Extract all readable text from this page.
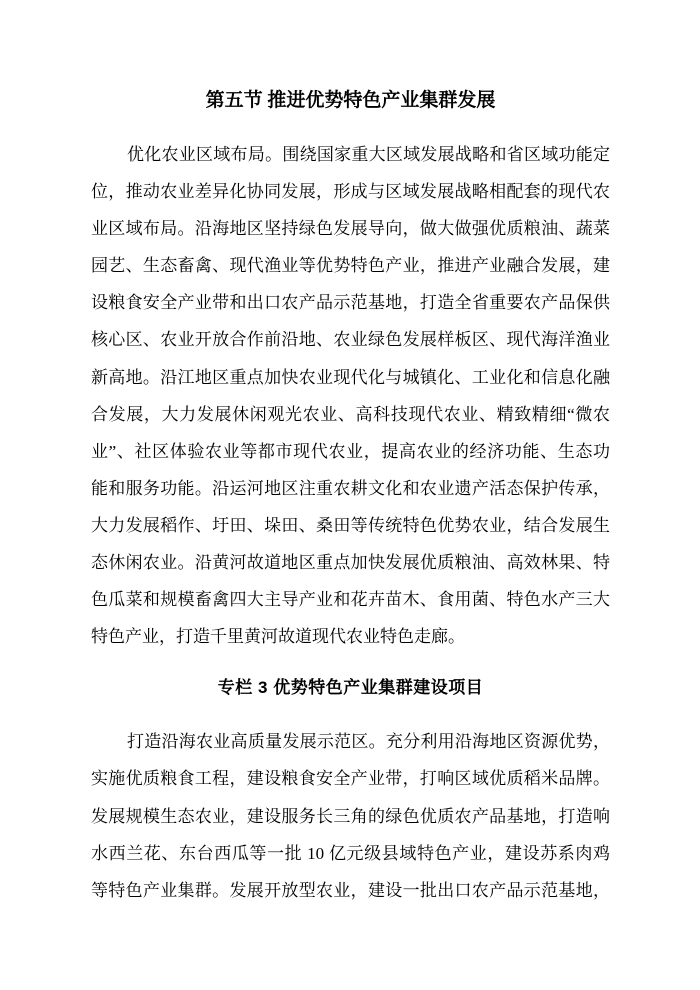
第五节 推进优势特色产业集群发展
优化农业区域布局。围绕国家重大区域发展战略和省区域功能定
位，推动农业差异化协同发展，形成与区域发展战略相配套的现代农
业区域布局。沿海地区坚持绿色发展导向，做大做强优质粮油、蔬菜
园艺、生态畜禽、现代渔业等优势特色产业，推进产业融合发展，建
设粮食安全产业带和出口农产品示范基地，打造全省重要农产品保供
核心区、农业开放合作前沿地、农业绿色发展样板区、现代海洋渔业
新高地。沿江地区重点加快农业现代化与城镇化、工业化和信息化融
合发展，大力发展休闲观光农业、高科技现代农业、精致精细“微农
业”、社区体验农业等都市现代农业，提高农业的经济功能、生态功
能和服务功能。沿运河地区注重农耕文化和农业遗产活态保护传承，
大力发展稻作、圩田、垛田、桑田等传统特色优势农业，结合发展生
态休闲农业。沿黄河故道地区重点加快发展优质粮油、高效林果、特
色瓜菜和规模畜禽四大主导产业和花卉苗木、食用菌、特色水产三大
特色产业，打造千里黄河故道现代农业特色走廊。
专栏 3 优势特色产业集群建设项目
打造沿海农业高质量发展示范区。充分利用沿海地区资源优势，
实施优质粮食工程，建设粮食安全产业带，打响区域优质稻米品牌。
发展规模生态农业，建设服务长三角的绿色优质农产品基地，打造响
水西兰花、东台西瓜等一批 10 亿元级县域特色产业，建设苏系肉鸡
等特色产业集群。发展开放型农业，建设一批出口农产品示范基地，
